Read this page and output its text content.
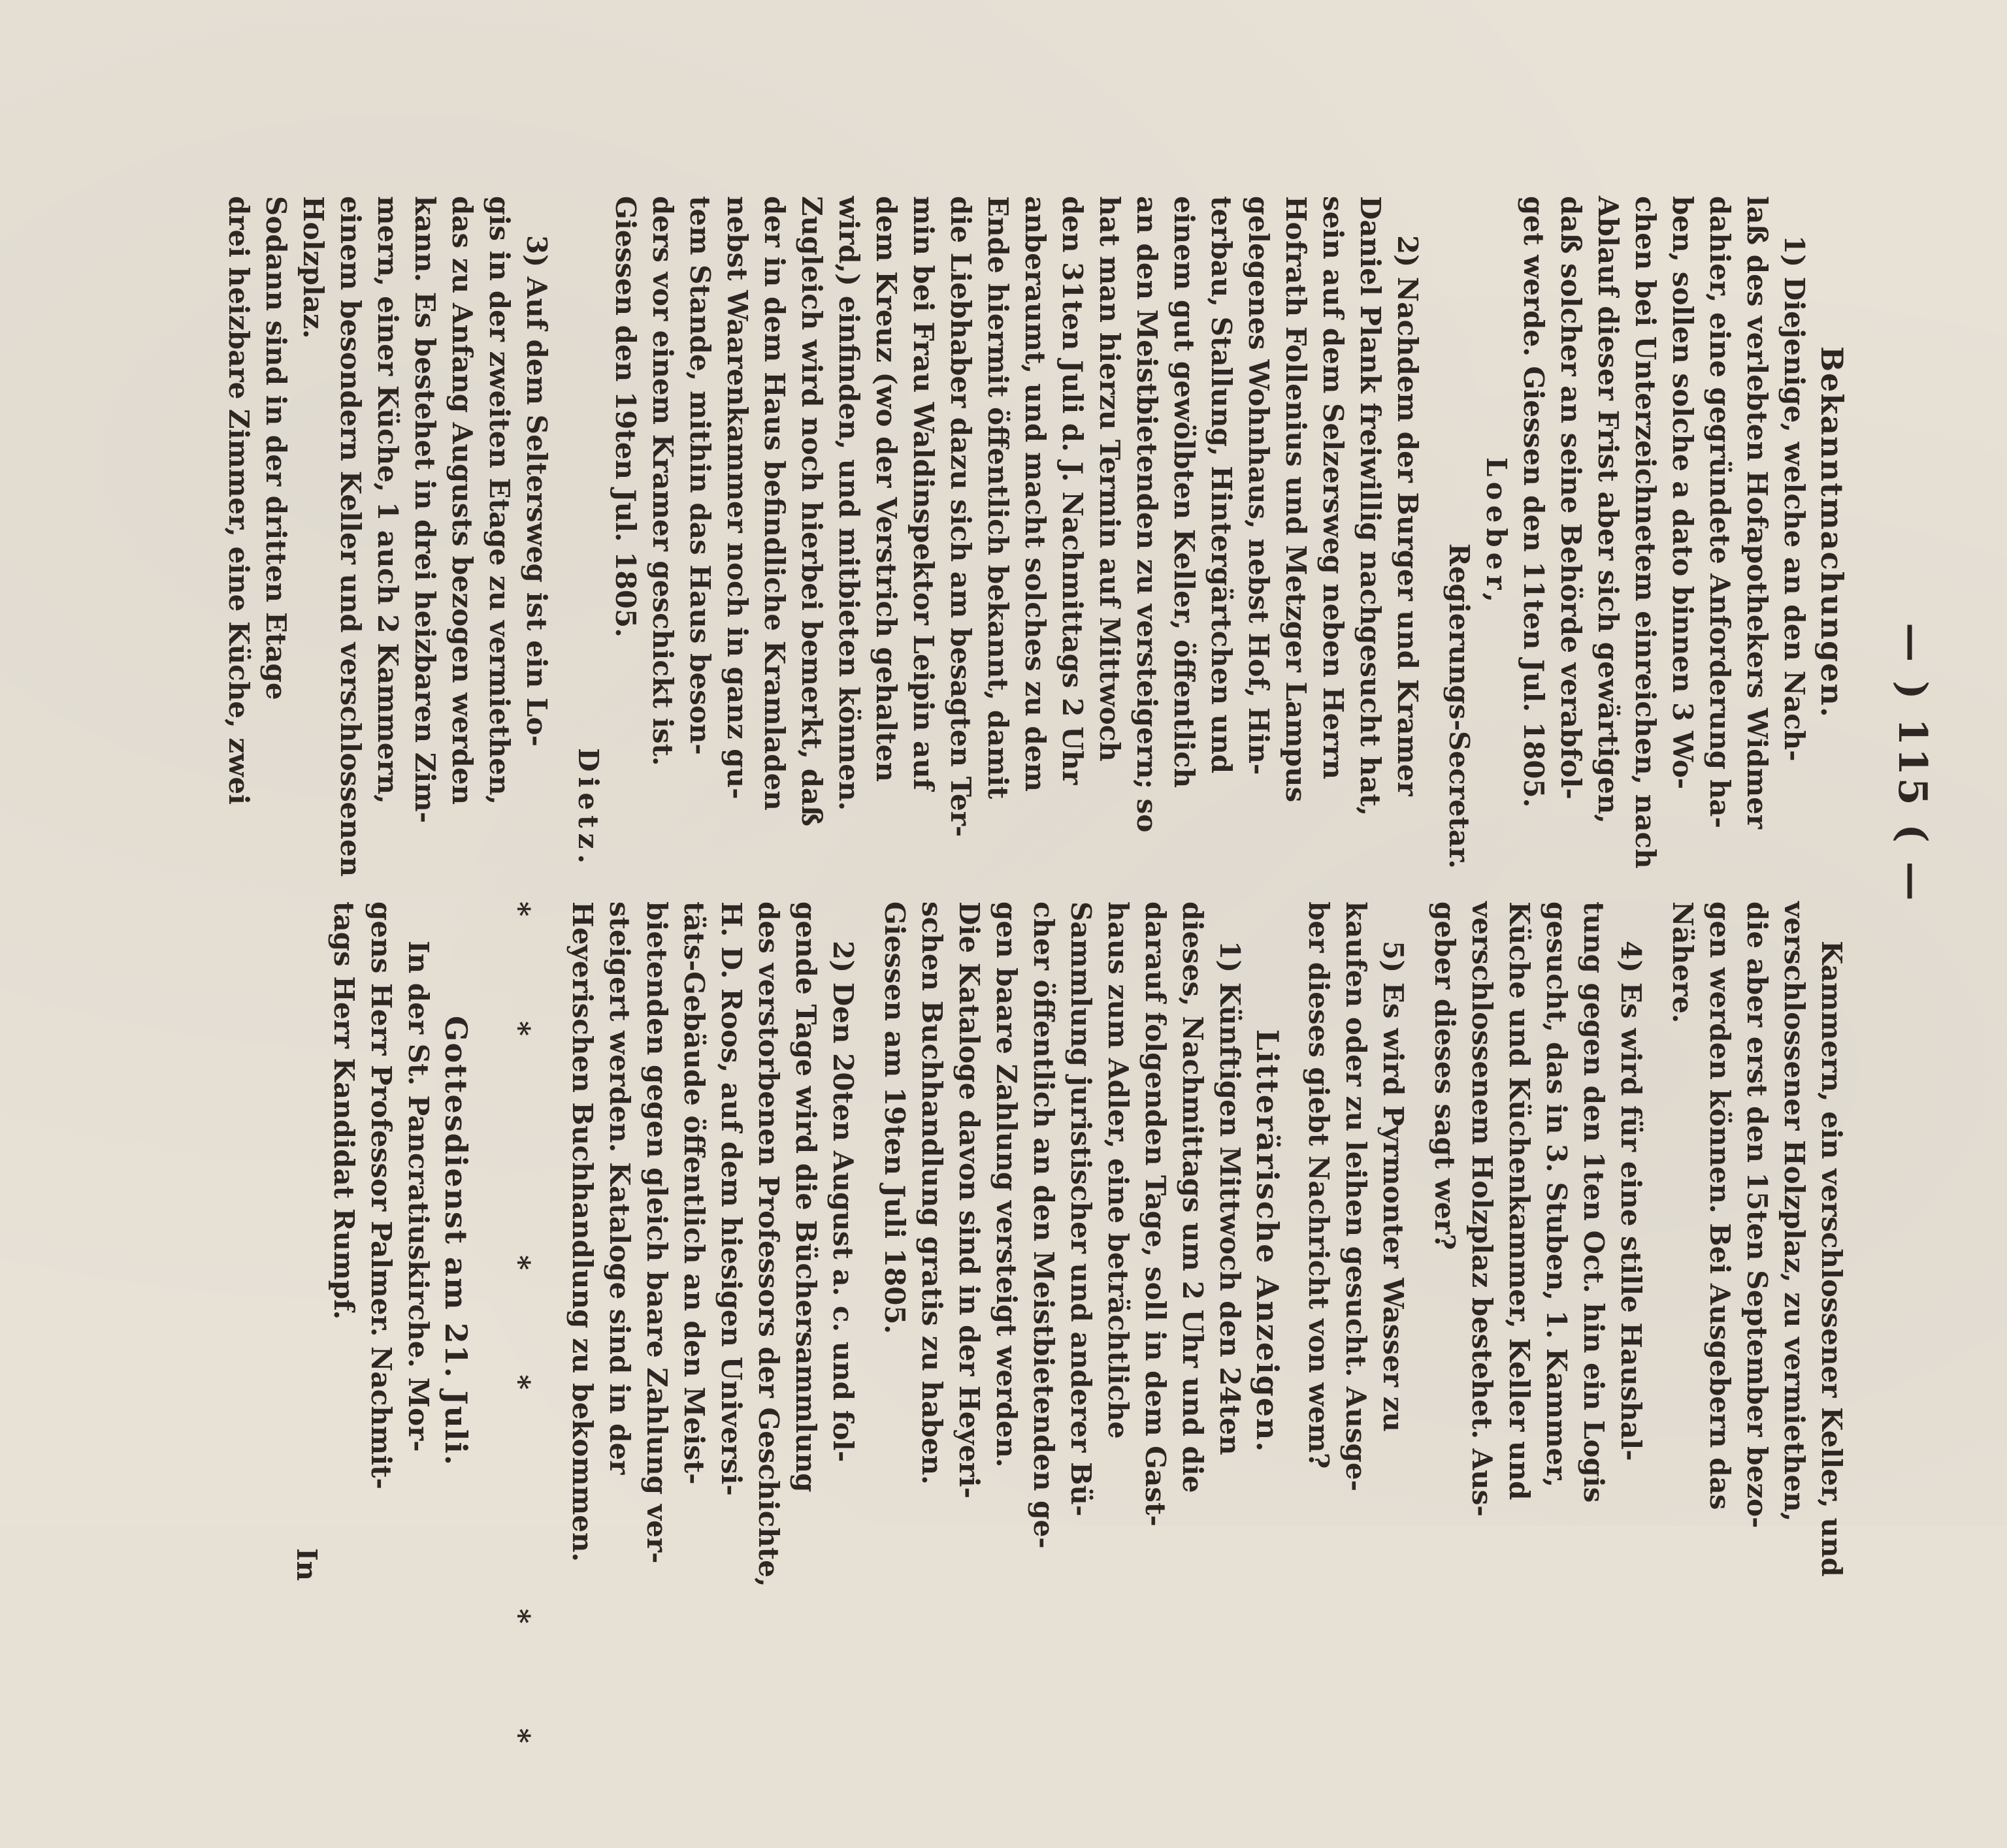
— ) 115 ( —
Bekanntmachungen.
1) Diejenige, welche an den Nach-
laß des verlebten Hofapothekers Widmer
dahier, eine gegründete Anforderung ha-
ben, sollen solche a dato binnen 3 Wo-
chen bei Unterzeichnetem einreichen, nach
Ablauf dieser Frist aber sich gewärtigen,
daß solcher an seine Behörde verabfol-
get werde. Giessen den 11ten Jul. 1805.
Loeber,
Regierungs-Secretar.
2) Nachdem der Burger und Kramer
Daniel Plank freiwillig nachgesucht hat,
sein auf dem Selzersweg neben Herrn
Hofrath Follenius und Metzger Lampus
gelegenes Wohnhaus, nebst Hof, Hin-
terbau, Stallung, Hintergärtchen und
einem gut gewölbten Keller, öffentlich
an den Meistbietenden zu versteigern; so
hat man hierzu Termin auf Mittwoch
den 31ten Juli d. J. Nachmittags 2 Uhr
anberaumt, und macht solches zu dem
Ende hiermit öffentlich bekannt, damit
die Liebhaber dazu sich am besagten Ter-
min bei Frau Waldinspektor Leipin auf
dem Kreuz (wo der Verstrich gehalten
wird,) einfinden, und mitbieten können.
Zugleich wird noch hierbei bemerkt, daß
der in dem Haus befindliche Kramladen
nebst Waarenkammer noch in ganz gu-
tem Stande, mithin das Haus beson-
ders vor einem Kramer geschickt ist.
Giessen den 19ten Jul. 1805.
Dietz.
3) Auf dem Seltersweg ist ein Lo-
gis in der zweiten Etage zu vermiethen,
das zu Anfang Augusts bezogen werden
kann. Es bestehet in drei heizbaren Zim-
mern, einer Küche, 1 auch 2 Kammern,
einem besondern Keller und verschlossenen
Holzplaz.
Sodann sind in der dritten Etage
drei heizbare Zimmer, eine Küche, zwei
Kammern, ein verschlossener Keller, und
verschlossener Holzplaz, zu vermiethen,
die aber erst den 15ten September bezo-
gen werden können. Bei Ausgebern das
Nähere.
4) Es wird für eine stille Haushal-
tung gegen den 1ten Oct. hin ein Logis
gesucht, das in 3. Stuben, 1. Kammer,
Küche und Küchenkammer, Keller und
verschlossenem Holzplaz bestehet. Aus-
geber dieses sagt wer?
5) Es wird Pyrmonter Wasser zu
kaufen oder zu leihen gesucht. Ausge-
ber dieses giebt Nachricht von wem?
Litterärische Anzeigen.
1) Künftigen Mittwoch den 24ten
dieses, Nachmittags um 2 Uhr und die
darauf folgenden Tage, soll in dem Gast-
haus zum Adler, eine beträchtliche
Sammlung juristischer und anderer Bü-
cher öffentlich an den Meistbietenden ge-
gen baare Zahlung versteigt werden.
Die Kataloge davon sind in der Heyeri-
schen Buchhandlung gratis zu haben.
Giessen am 19ten Juli 1805.
2) Den 20ten August a. c. und fol-
gende Tage wird die Büchersammlung
des verstorbenen Professors der Geschichte,
H. D. Roos, auf dem hiesigen Universi-
täts-Gebäude öffentlich an den Meist-
bietenden gegen gleich baare Zahlung ver-
steigert werden. Kataloge sind in der
Heyerischen Buchhandlung zu bekommen.
** ** **
Gottesdienst am 21. Juli.
In der St. Pancratiuskirche. Mor-
gens Herr Professor Palmer. Nachmit-
tags Herr Kandidat Rumpf.
In
